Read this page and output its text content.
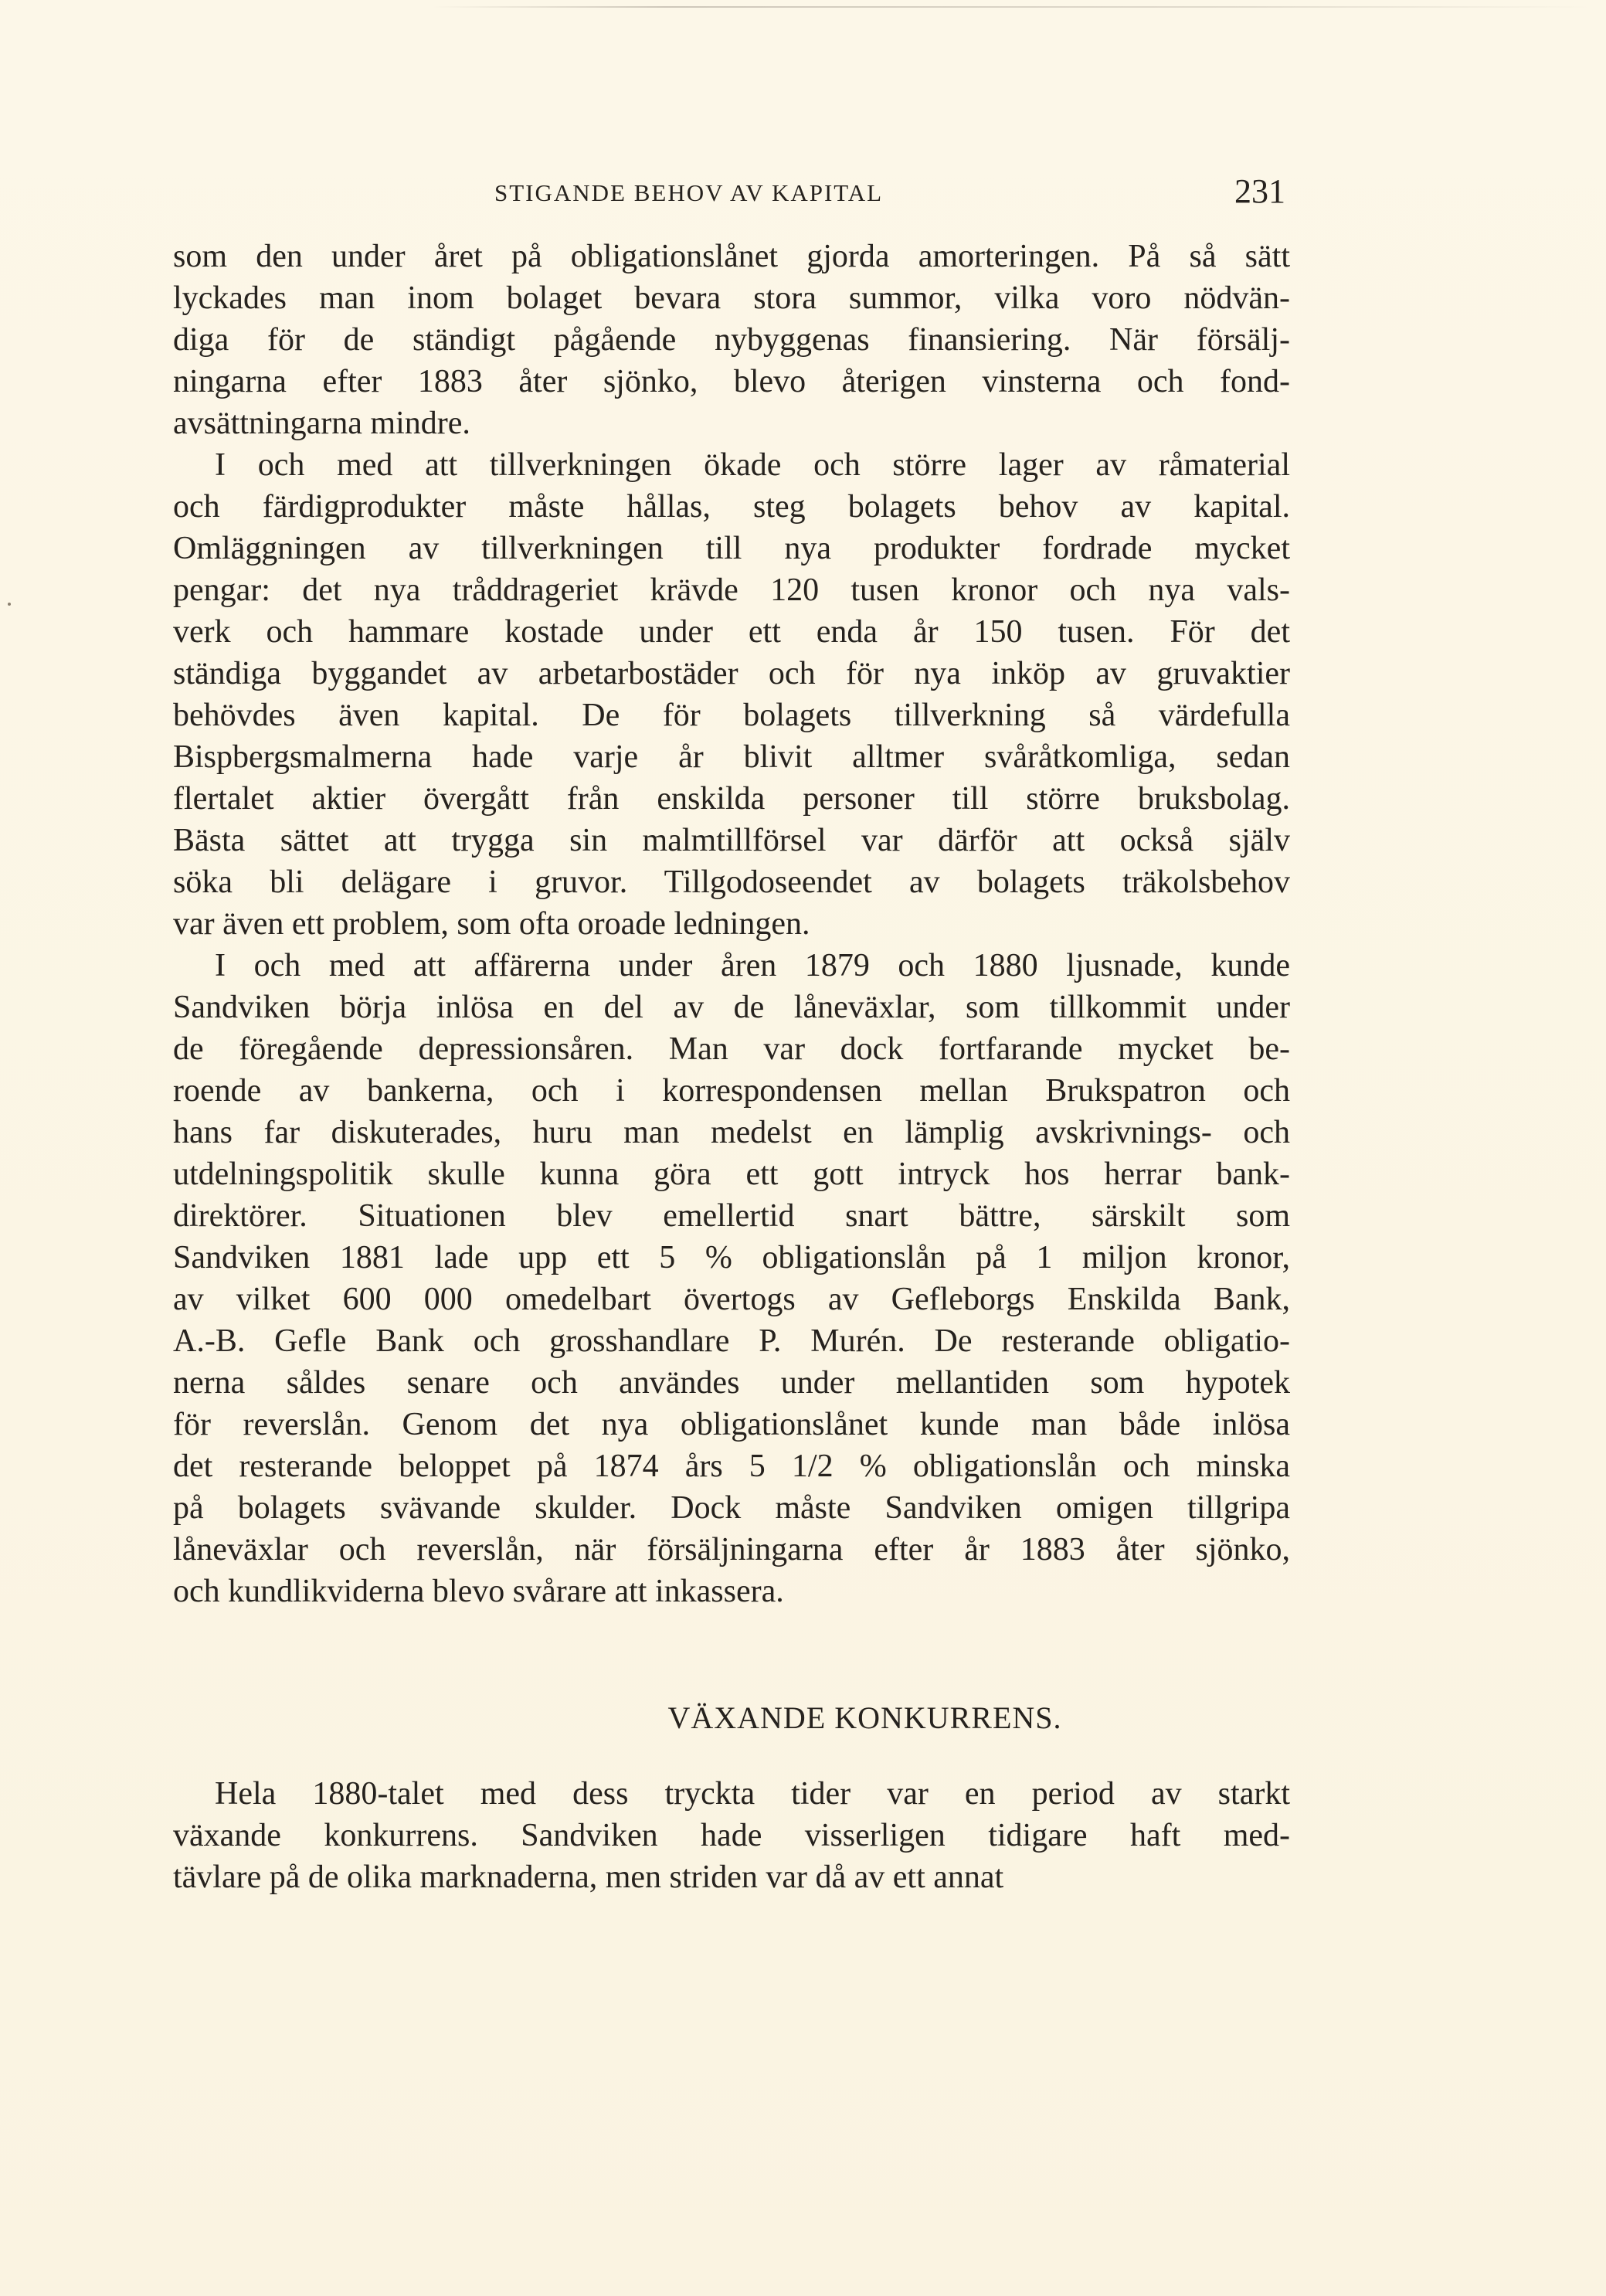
STIGANDE BEHOV AV KAPITAL	231
som den under året på obligationslånet gjorda amorteringen. På så sätt
lyckades man inom bolaget bevara stora summor, vilka voro nödvän-
diga för de ständigt pågående nybyggenas finansiering. När försälj-
ningarna efter 1883 åter sjönko, blevo återigen vinsterna och fond-
avsättningarna mindre.
I och med att tillverkningen ökade och större lager av råmaterial
och färdigprodukter måste hållas, steg bolagets behov av kapital.
Omläggningen av tillverkningen till nya produkter fordrade mycket
pengar: det nya tråddrageriet krävde 120 tusen kronor och nya vals-
verk och hammare kostade under ett enda år 150 tusen. För det
ständiga byggandet av arbetarbostäder och för nya inköp av gruvaktier
behövdes även kapital. De för bolagets tillverkning så värdefulla
Bispbergsmalmerna hade varje år blivit alltmer svåråtkomliga, sedan
flertalet aktier övergått från enskilda personer till större bruksbolag.
Bästa sättet att trygga sin malmtillförsel var därför att också själv
söka bli delägare i gruvor. Tillgodoseendet av bolagets träkolsbehov
var även ett problem, som ofta oroade ledningen.
I och med att affärerna under åren 1879 och 1880 ljusnade, kunde
Sandviken börja inlösa en del av de låneväxlar, som tillkommit under
de föregående depressionsåren. Man var dock fortfarande mycket be-
roende av bankerna, och i korrespondensen mellan Brukspatron och
hans far diskuterades, huru man medelst en lämplig avskrivnings- och
utdelningspolitik skulle kunna göra ett gott intryck hos herrar bank-
direktörer. Situationen blev emellertid snart bättre, särskilt som
Sandviken 1881 lade upp ett 5 % obligationslån på 1 miljon kronor,
av vilket 600 000 omedelbart övertogs av Gefleborgs Enskilda Bank,
A.-B. Gefle Bank och grosshandlare P. Murén. De resterande obligatio-
nerna såldes senare och användes under mellantiden som hypotek
för reverslån. Genom det nya obligationslånet kunde man både inlösa
det resterande beloppet på 1874 års 5 1/2 % obligationslån och minska
på bolagets svävande skulder. Dock måste Sandviken omigen tillgripa
låneväxlar och reverslån, när försäljningarna efter år 1883 åter sjönko,
och kundlikviderna blevo svårare att inkassera.
VÄXANDE KONKURRENS.
Hela 1880-talet med dess tryckta tider var en period av starkt
växande konkurrens. Sandviken hade visserligen tidigare haft med-
tävlare på de olika marknaderna, men striden var då av ett annat
